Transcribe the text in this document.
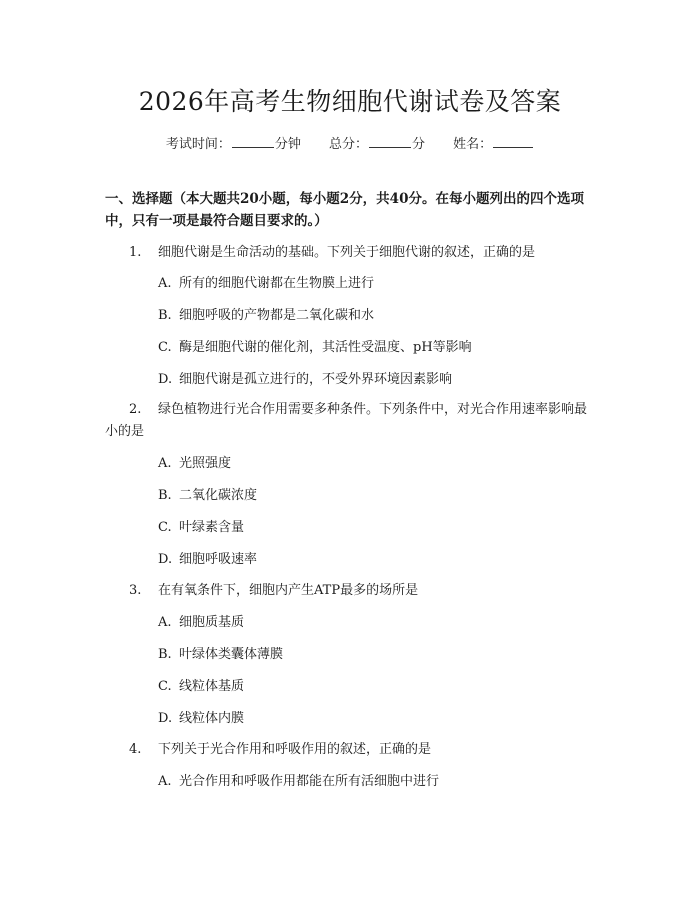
2026年高考生物细胞代谢试卷及答案
考试时间：	分钟 总分：	分 姓名：
一、选择题（本大题共20小题，每小题2分，共40分。在每小题列出的四个选项中，只有一项是最符合题目要求的。）
1. 细胞代谢是生命活动的基础。下列关于细胞代谢的叙述，正确的是
A. 所有的细胞代谢都在生物膜上进行
B. 细胞呼吸的产物都是二氧化碳和水
C. 酶是细胞代谢的催化剂，其活性受温度、pH等影响
D. 细胞代谢是孤立进行的，不受外界环境因素影响
2. 绿色植物进行光合作用需要多种条件。下列条件中，对光合作用速率影响最小的是
A. 光照强度
B. 二氧化碳浓度
C. 叶绿素含量
D. 细胞呼吸速率
3. 在有氧条件下，细胞内产生ATP最多的场所是
A. 细胞质基质
B. 叶绿体类囊体薄膜
C. 线粒体基质
D. 线粒体内膜
4. 下列关于光合作用和呼吸作用的叙述，正确的是
A. 光合作用和呼吸作用都能在所有活细胞中进行
